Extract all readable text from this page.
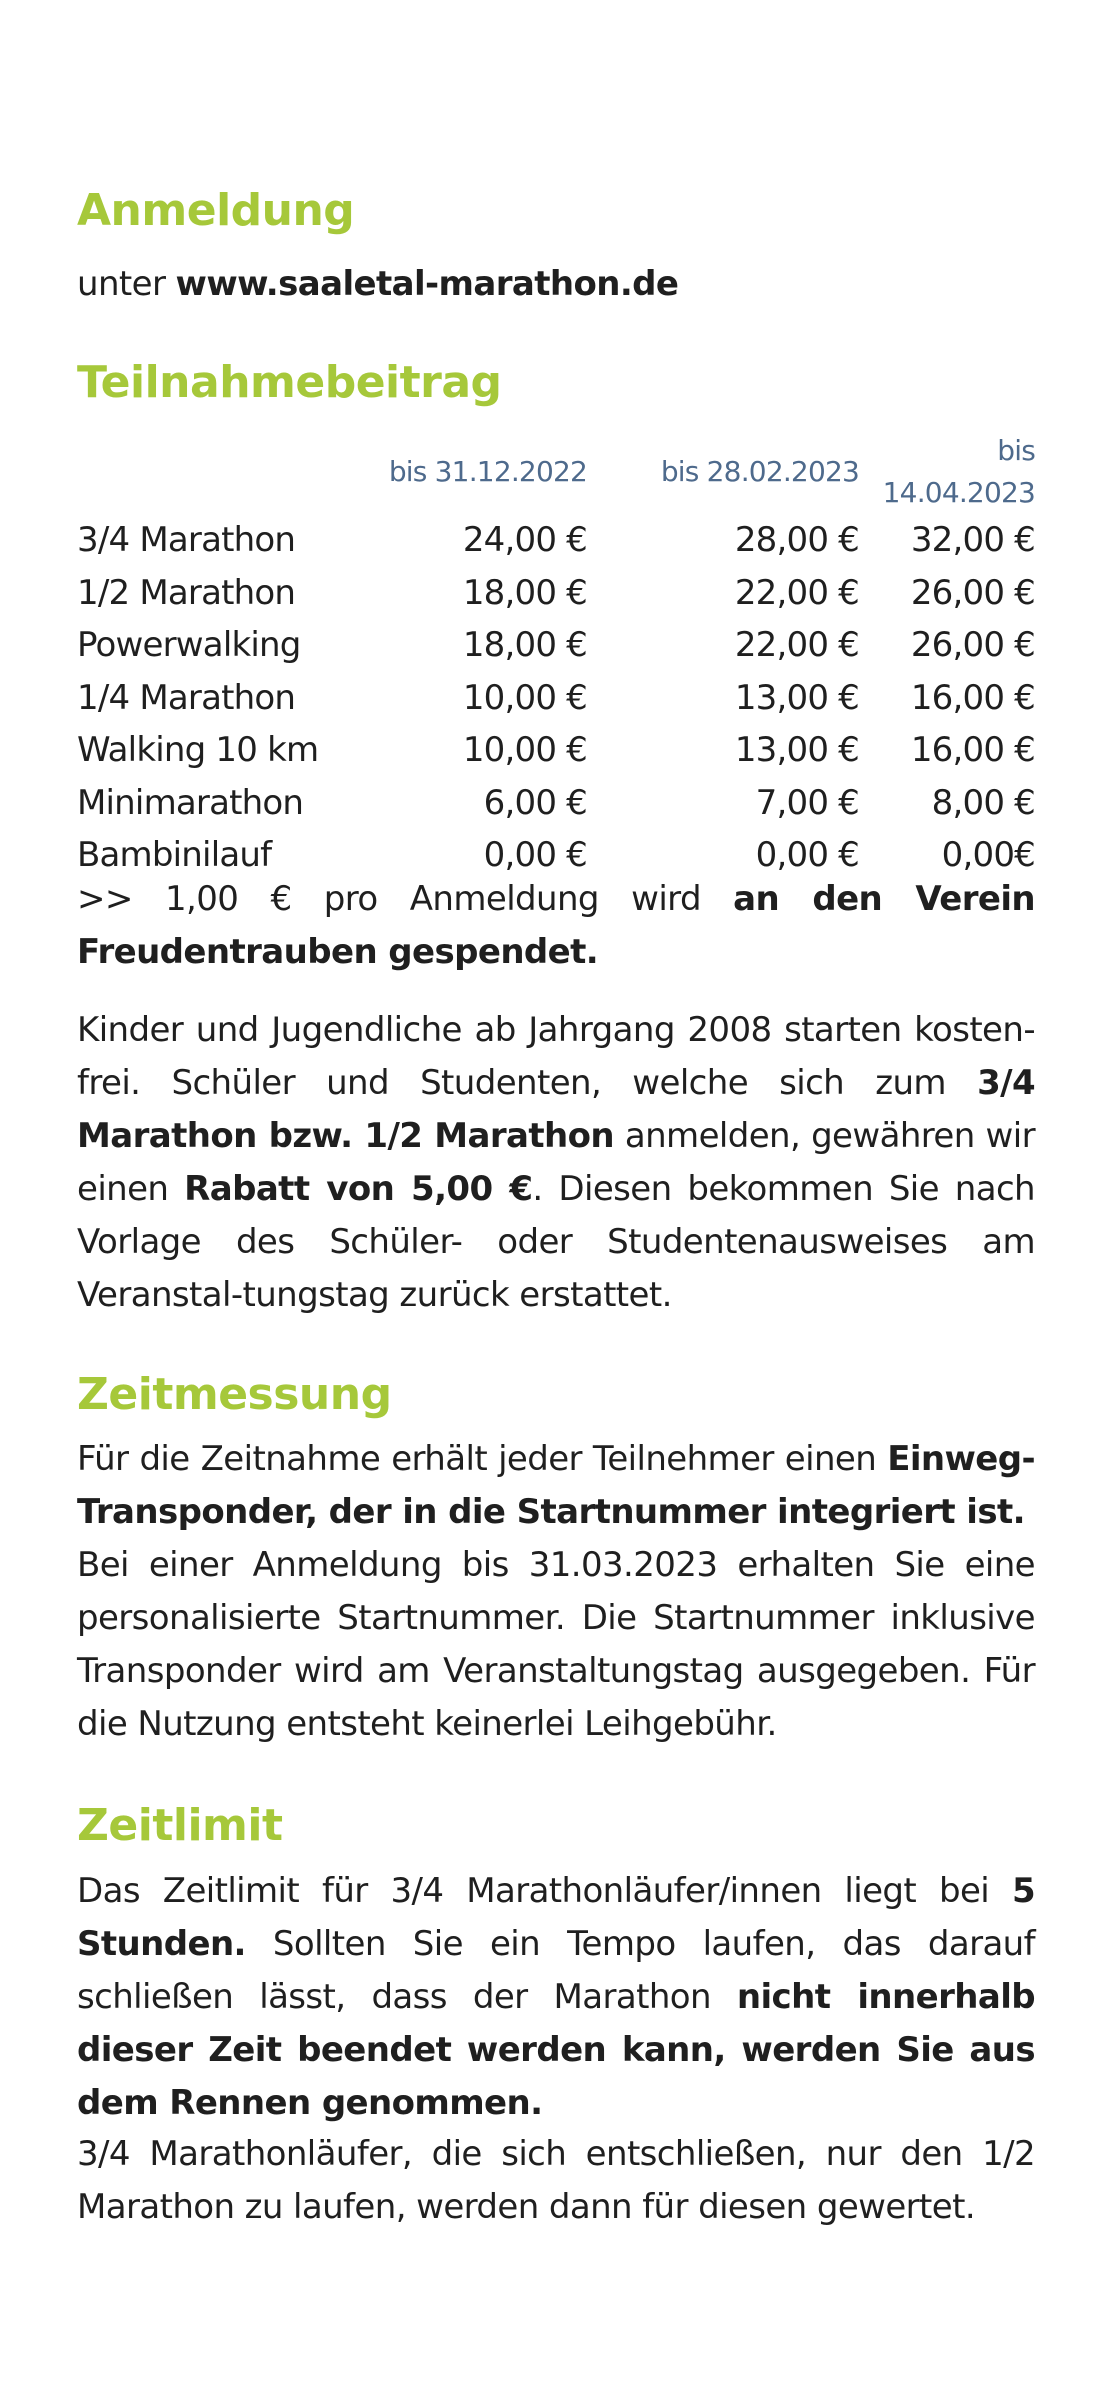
Anmeldung
unter www.saaletal-marathon.de
Teilnahmebeitrag
	bis 31.12.2022	bis 28.02.2023	bis 14.04.2023
3/4 Marathon	24,00 €	28,00 €	32,00 €
1/2 Marathon	18,00 €	22,00 €	26,00 €
Powerwalking	18,00 €	22,00 €	26,00 €
1/4 Marathon	10,00 €	13,00 €	16,00 €
Walking 10 km	10,00 €	13,00 €	16,00 €
Minimarathon	6,00 €	7,00 €	8,00 €
Bambinilauf	0,00 €	0,00 €	0,00€

>> 1,00 € pro Anmeldung wird an den Verein Freudentrauben gespendet.

Kinder und Jugendliche ab Jahrgang 2008 starten kosten-frei. Schüler und Studenten, welche sich zum 3/4 Marathon bzw. 1/2 Marathon anmelden, gewähren wir einen Rabatt von 5,00 €. Diesen bekommen Sie nach Vorlage des Schüler- oder Studentenausweises am Veranstal-tungstag zurück erstattet.

Zeitmessung

Für die Zeitnahme erhält jeder Teilnehmer einen Einweg-Transponder, der in die Startnummer integriert ist.

Bei einer Anmeldung bis 31.03.2023 erhalten Sie eine personalisierte Startnummer. Die Startnummer inklusive Transponder wird am Veranstaltungstag ausgegeben. Für die Nutzung entsteht keinerlei Leihgebühr.

Zeitlimit

Das Zeitlimit für 3/4 Marathonläufer/innen liegt bei 5 Stunden. Sollten Sie ein Tempo laufen, das darauf schließen lässt, dass der Marathon nicht innerhalb dieser Zeit beendet werden kann, werden Sie aus dem Rennen genommen.

3/4 Marathonläufer, die sich entschließen, nur den 1/2 Marathon zu laufen, werden dann für diesen gewertet.
